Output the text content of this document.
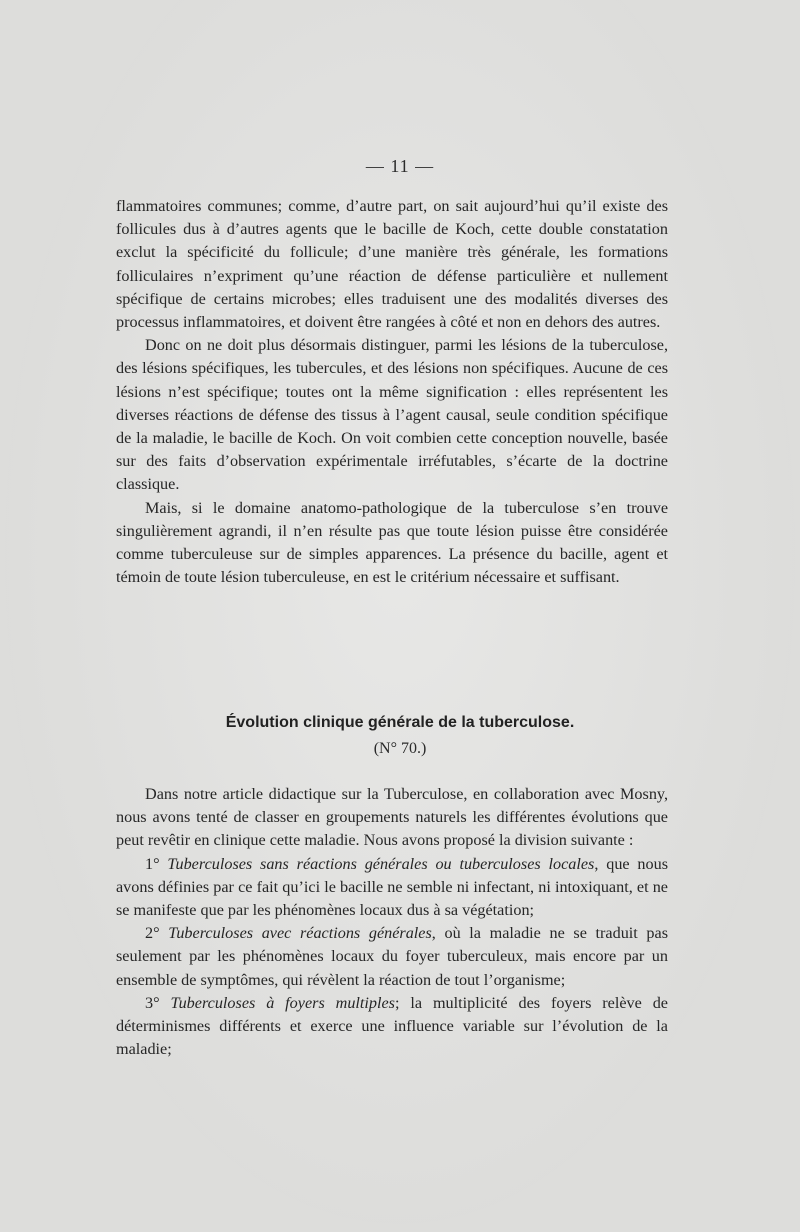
— 11 —

flammatoires communes; comme, d’autre part, on sait aujourd’hui qu’il existe des follicules dus à d’autres agents que le bacille de Koch, cette double constatation exclut la spécificité du follicule; d’une manière très générale, les formations folliculaires n’expriment qu’une réaction de défense particulière et nullement spécifique de certains microbes; elles traduisent une des modalités diverses des processus inflammatoires, et doivent être rangées à côté et non en dehors des autres.

Donc on ne doit plus désormais distinguer, parmi les lésions de la tuberculose, des lésions spécifiques, les tubercules, et des lésions non spécifiques. Aucune de ces lésions n’est spécifique; toutes ont la même signification : elles représentent les diverses réactions de défense des tissus à l’agent causal, seule condition spécifique de la maladie, le bacille de Koch. On voit combien cette conception nouvelle, basée sur des faits d’observation expérimentale irréfutables, s’écarte de la doctrine classique.

Mais, si le domaine anatomo-pathologique de la tuberculose s’en trouve singulièrement agrandi, il n’en résulte pas que toute lésion puisse être considérée comme tuberculeuse sur de simples apparences. La présence du bacille, agent et témoin de toute lésion tuberculeuse, en est le critérium nécessaire et suffisant.

Évolution clinique générale de la tuberculose.
(N° 70.)

Dans notre article didactique sur la Tuberculose, en collaboration avec Mosny, nous avons tenté de classer en groupements naturels les différentes évolutions que peut revêtir en clinique cette maladie. Nous avons proposé la division suivante :

1° Tuberculoses sans réactions générales ou tuberculoses locales, que nous avons définies par ce fait qu’ici le bacille ne semble ni infectant, ni intoxiquant, et ne se manifeste que par les phénomènes locaux dus à sa végétation;

2° Tuberculoses avec réactions générales, où la maladie ne se traduit pas seulement par les phénomènes locaux du foyer tuberculeux, mais encore par un ensemble de symptômes, qui révèlent la réaction de tout l’organisme;

3° Tuberculoses à foyers multiples; la multiplicité des foyers relève de déterminismes différents et exerce une influence variable sur l’évolution de la maladie;
